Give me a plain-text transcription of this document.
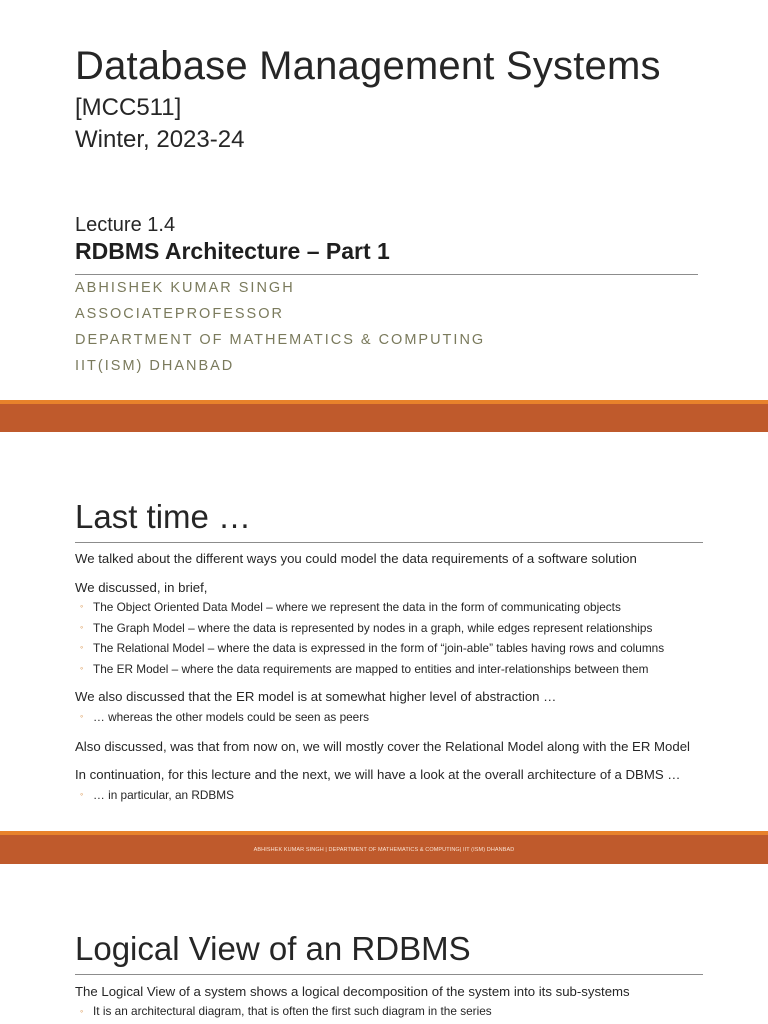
Database Management Systems
[MCC511]
Winter, 2023-24
Lecture 1.4
RDBMS Architecture – Part 1
ABHISHEK KUMAR SINGH
ASSOCIATEPROFESSOR
DEPARTMENT OF MATHEMATICS & COMPUTING
IIT(ISM) DHANBAD
Last time …
We talked about the different ways you could model the data requirements of a software solution
We discussed, in brief,
◦ The Object Oriented Data Model – where we represent the data in the form of communicating objects
◦ The Graph Model – where the data is represented by nodes in a graph, while edges represent relationships
◦ The Relational Model – where the data is expressed in the form of “join-able” tables having rows and columns
◦ The ER Model – where the data requirements are mapped to entities and inter-relationships between them
We also discussed that the ER model is at somewhat higher level of abstraction …
◦ … whereas the other models could be seen as peers
Also discussed, was that from now on, we will mostly cover the Relational Model along with the ER Model
In continuation, for this lecture and the next, we will have a look at the overall architecture of a DBMS …
◦ … in particular, an RDBMS
ABHISHEK KUMAR SINGH | DEPARTMENT OF MATHEMATICS & COMPUTING| IIT (ISM) DHANBAD
Logical View of an RDBMS
The Logical View of a system shows a logical decomposition of the system into its sub-systems
◦ It is an architectural diagram, that is often the first such diagram in the series
